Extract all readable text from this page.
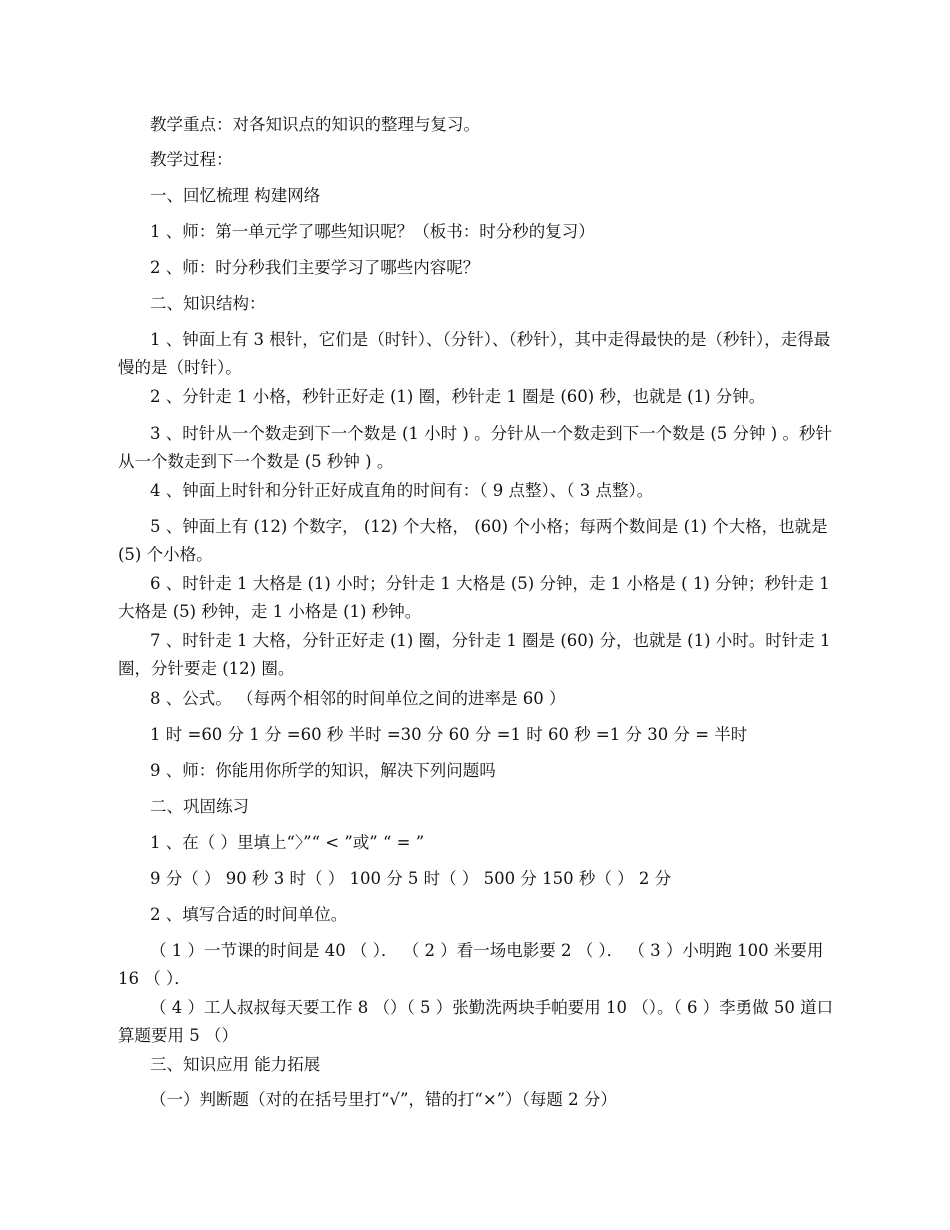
教学重点：对各知识点的知识的整理与复习。
教学过程：
一、回忆梳理 构建网络
1 、师：第一单元学了哪些知识呢？（板书：时分秒的复习）
2 、师：时分秒我们主要学习了哪些内容呢？
二、知识结构：
1 、钟面上有 3 根针，它们是（时针）、（分针）、（秒针），其中走得最快的是（秒针），走得最慢的是（时针）。
2 、分针走 1 小格，秒针正好走 (1) 圈，秒针走 1 圈是 (60) 秒，也就是 (1) 分钟。
3 、时针从一个数走到下一个数是 (1 小时 ) 。分针从一个数走到下一个数是 (5 分钟 ) 。秒针从一个数走到下一个数是 (5 秒钟 ) 。
4 、钟面上时针和分针正好成直角的时间有：（ 9 点整）、（ 3 点整）。
5 、钟面上有 (12) 个数字， (12) 个大格， (60) 个小格；每两个数间是 (1) 个大格，也就是 (5) 个小格。
6 、时针走 1 大格是 (1) 小时；分针走 1 大格是 (5) 分钟，走 1 小格是 ( 1) 分钟；秒针走 1 大格是 (5) 秒钟，走 1 小格是 (1) 秒钟。
7 、时针走 1 大格，分针正好走 (1) 圈，分针走 1 圈是 (60) 分，也就是 (1) 小时。时针走 1 圈，分针要走 (12) 圈。
8 、公式。 （每两个相邻的时间单位之间的进率是 60 ）
1 时 =60 分 1 分 =60 秒 半时 =30 分 60 分 =1 时 60 秒 =1 分 30 分 = 半时
9 、师：你能用你所学的知识，解决下列问题吗
二、巩固练习
1 、在（ ）里填上“〉”“ < ”或” “ = ”
9 分（ ） 90 秒 3 时（ ） 100 分 5 时（ ） 500 分 150 秒（ ） 2 分
2 、填写合适的时间单位。
（ 1 ）一节课的时间是 40 （ ）． （ 2 ）看一场电影要 2 （ ）． （ 3 ）小明跑 100 米要用 16 （ ）．
（ 4 ）工人叔叔每天要工作 8 （）（ 5 ）张勤洗两块手帕要用 10 （）。（ 6 ）李勇做 50 道口算题要用 5 （）
三、知识应用 能力拓展
（一）判断题（对的在括号里打“√”，错的打“×”）（每题 2 分）
